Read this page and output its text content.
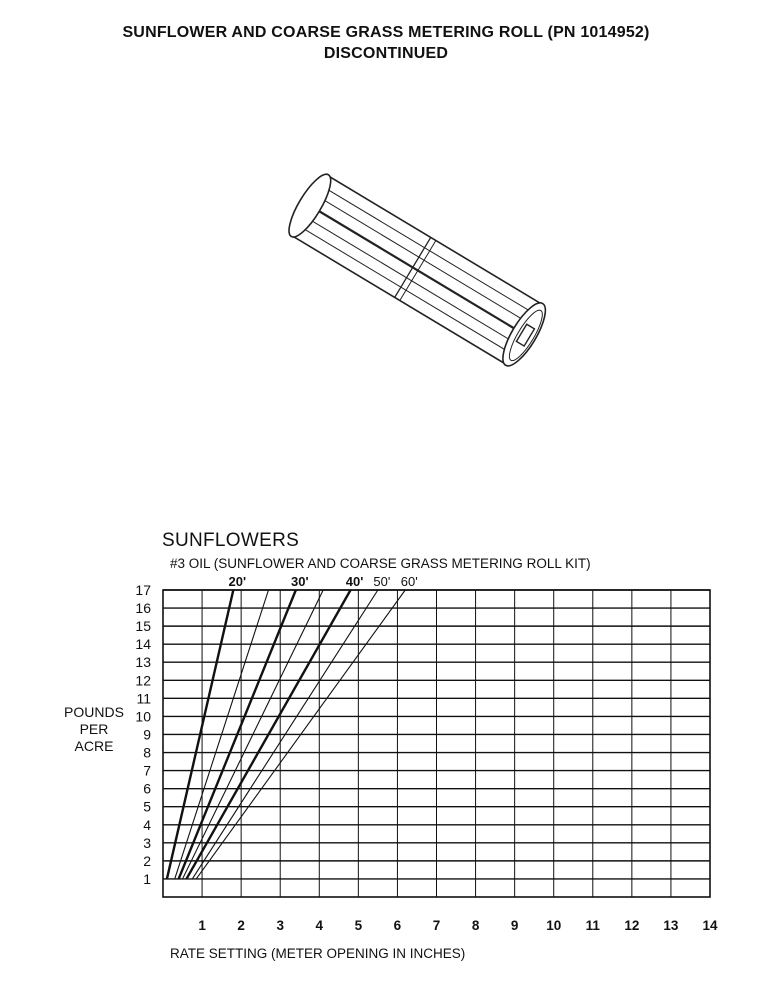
SUNFLOWER AND COARSE GRASS METERING ROLL (PN 1014952)
DISCONTINUED
SUNFLOWERS
#3 OIL (SUNFLOWER AND COARSE GRASS METERING ROLL KIT)
POUNDS
PER
ACRE
RATE SETTING (METER OPENING IN INCHES)
1
2
3
4
5
6
7
8
9
10
11
12
13
14
15
16
17
1 2 3 4 5 6 7 8 9 10 11 12 13 14
20'	30'	40' 50' 60'
